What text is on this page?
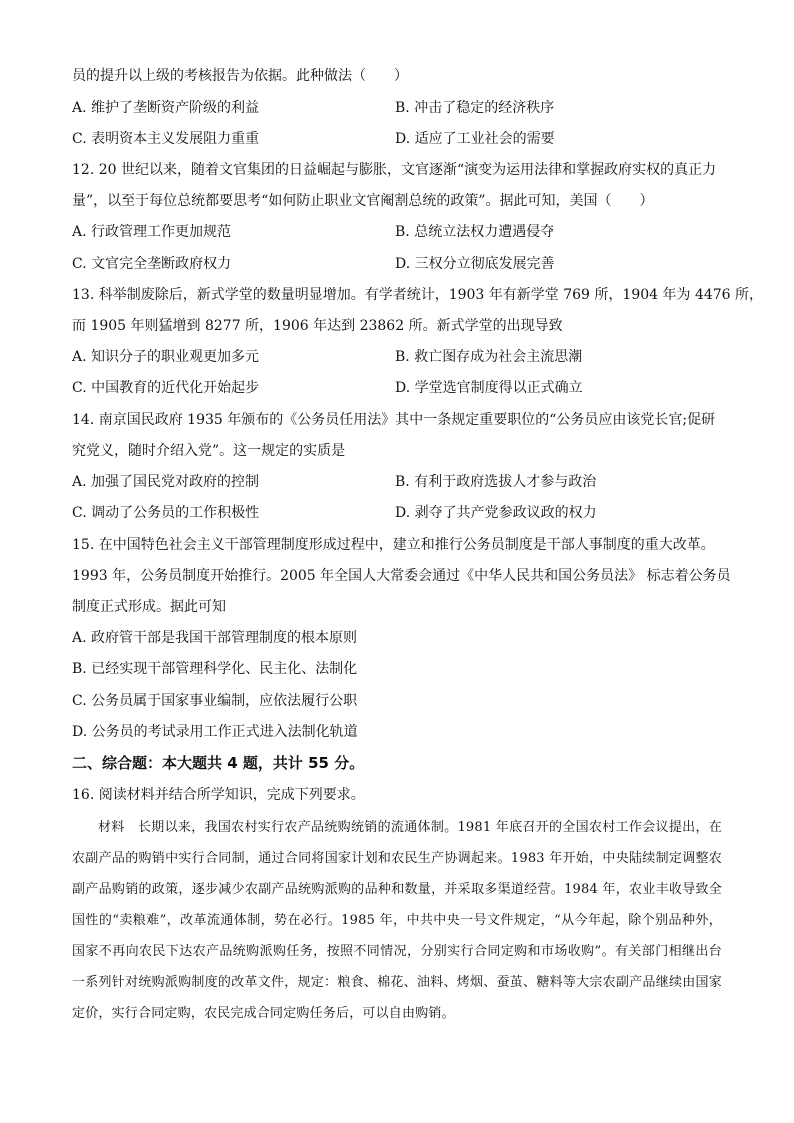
员的提升以上级的考核报告为依据。此种做法（　　）
A. 维护了垄断资产阶级的利益	B. 冲击了稳定的经济秩序
C. 表明资本主义发展阻力重重	D. 适应了工业社会的需要
12. 20 世纪以来，随着文官集团的日益崛起与膨胀，文官逐渐“演变为运用法律和掌握政府实权的真正力
量”，以至于每位总统都要思考“如何防止职业文官阉割总统的政策”。据此可知，美国（　　）
A. 行政管理工作更加规范	B. 总统立法权力遭遇侵夺
C. 文官完全垄断政府权力	D. 三权分立彻底发展完善
13. 科举制废除后，新式学堂的数量明显增加。有学者统计，1903 年有新学堂 769 所，1904 年为 4476 所，
而 1905 年则猛增到 8277 所，1906 年达到 23862 所。新式学堂的出现导致
A. 知识分子的职业观更加多元	B. 救亡图存成为社会主流思潮
C. 中国教育的近代化开始起步	D. 学堂选官制度得以正式确立
14. 南京国民政府 1935 年颁布的《公务员任用法》其中一条规定重要职位的“公务员应由该党长官;促研
究党义，随时介绍入党”。这一规定的实质是
A. 加强了国民党对政府的控制	B. 有利于政府选拔人才参与政治
C. 调动了公务员的工作积极性	D. 剥夺了共产党参政议政的权力
15. 在中国特色社会主义干部管理制度形成过程中，建立和推行公务员制度是干部人事制度的重大改革。
1993 年，公务员制度开始推行。2005 年全国人大常委会通过《中华人民共和国公务员法》 标志着公务员
制度正式形成。据此可知
A. 政府管干部是我国干部管理制度的根本原则
B. 已经实现干部管理科学化、民主化、法制化
C. 公务员属于国家事业编制，应依法履行公职
D. 公务员的考试录用工作正式进入法制化轨道
二、综合题：本大题共 4 题，共计 55 分。
16. 阅读材料并结合所学知识，完成下列要求。
材料　长期以来，我国农村实行农产品统购统销的流通体制。1981 年底召开的全国农村工作会议提出，在农副产品的购销中实行合同制，通过合同将国家计划和农民生产协调起来。1983 年开始，中央陆续制定调整农副产品购销的政策，逐步减少农副产品统购派购的品种和数量，并采取多渠道经营。1984 年，农业丰收导致全国性的“卖粮难”，改革流通体制，势在必行。1985 年，中共中央一号文件规定，“从今年起，除个别品种外，国家不再向农民下达农产品统购派购任务，按照不同情况，分别实行合同定购和市场收购”。有关部门相继出台一系列针对统购派购制度的改革文件，规定：粮食、棉花、油料、烤烟、蚕茧、糖料等大宗农副产品继续由国家定价，实行合同定购，农民完成合同定购任务后，可以自由购销。
